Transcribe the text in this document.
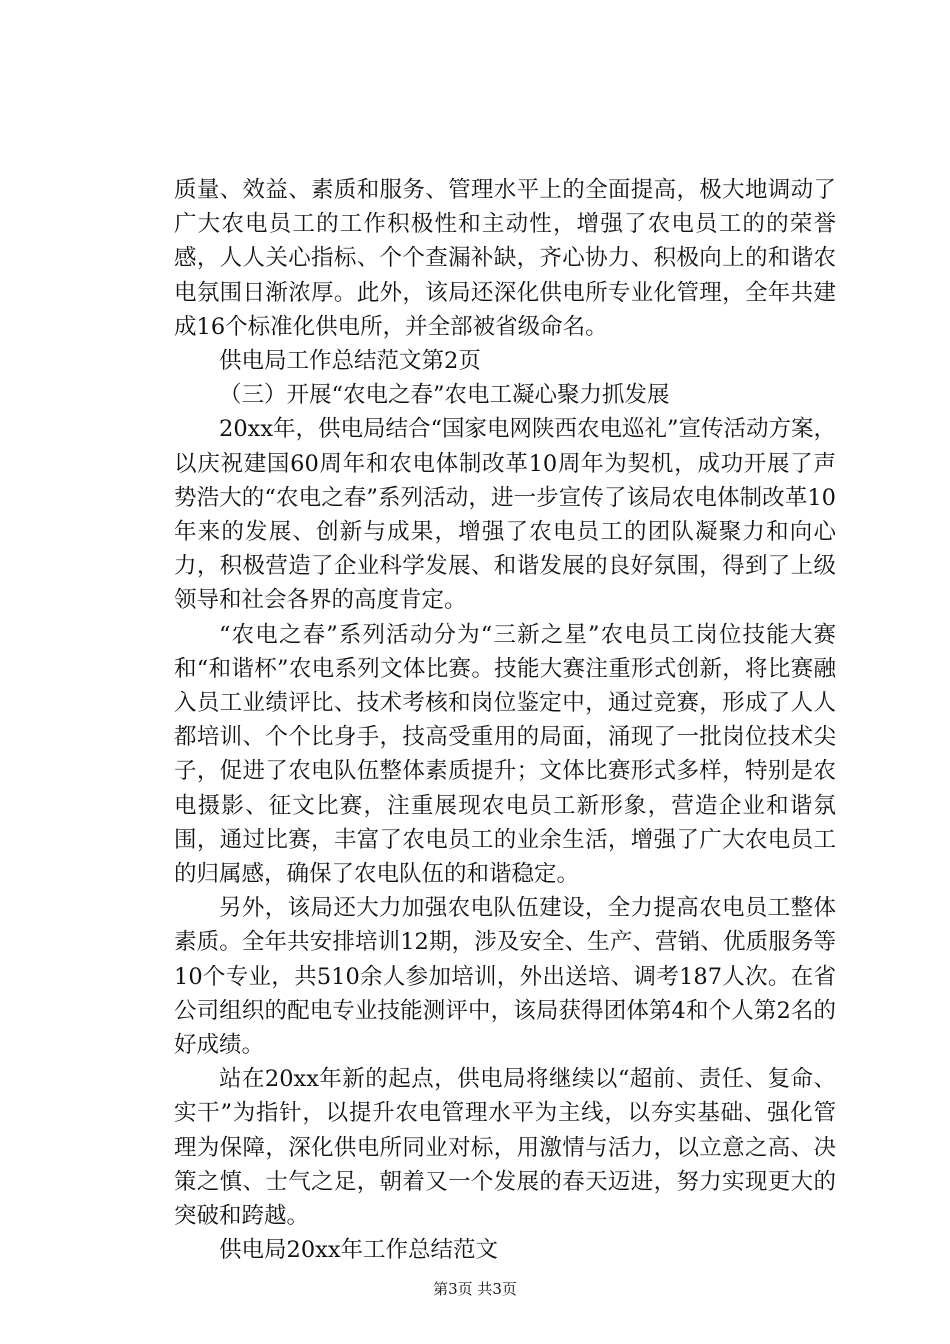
质量、效益、素质和服务、管理水平上的全面提高，极大地调动了广大农电员工的工作积极性和主动性，增强了农电员工的的荣誉感，人人关心指标、个个查漏补缺，齐心协力、积极向上的和谐农电氛围日渐浓厚。此外，该局还深化供电所专业化管理，全年共建成16个标准化供电所，并全部被省级命名。

供电局工作总结范文第2页

（三）开展“农电之春”农电工凝心聚力抓发展

20xx年，供电局结合“国家电网陕西农电巡礼”宣传活动方案，以庆祝建国60周年和农电体制改革10周年为契机，成功开展了声势浩大的“农电之春”系列活动，进一步宣传了该局农电体制改革10年来的发展、创新与成果，增强了农电员工的团队凝聚力和向心力，积极营造了企业科学发展、和谐发展的良好氛围，得到了上级领导和社会各界的高度肯定。

“农电之春”系列活动分为“三新之星”农电员工岗位技能大赛和“和谐杯”农电系列文体比赛。技能大赛注重形式创新，将比赛融入员工业绩评比、技术考核和岗位鉴定中，通过竞赛，形成了人人都培训、个个比身手，技高受重用的局面，涌现了一批岗位技术尖子，促进了农电队伍整体素质提升；文体比赛形式多样，特别是农电摄影、征文比赛，注重展现农电员工新形象，营造企业和谐氛围，通过比赛，丰富了农电员工的业余生活，增强了广大农电员工的归属感，确保了农电队伍的和谐稳定。

另外，该局还大力加强农电队伍建设，全力提高农电员工整体素质。全年共安排培训12期，涉及安全、生产、营销、优质服务等10个专业，共510余人参加培训，外出送培、调考187人次。在省公司组织的配电专业技能测评中，该局获得团体第4和个人第2名的好成绩。

站在20xx年新的起点，供电局将继续以“超前、责任、复命、实干”为指针，以提升农电管理水平为主线，以夯实基础、强化管理为保障，深化供电所同业对标，用激情与活力，以立意之高、决策之慎、士气之足，朝着又一个发展的春天迈进，努力实现更大的突破和跨越。

供电局20xx年工作总结范文

第3页 共3页
